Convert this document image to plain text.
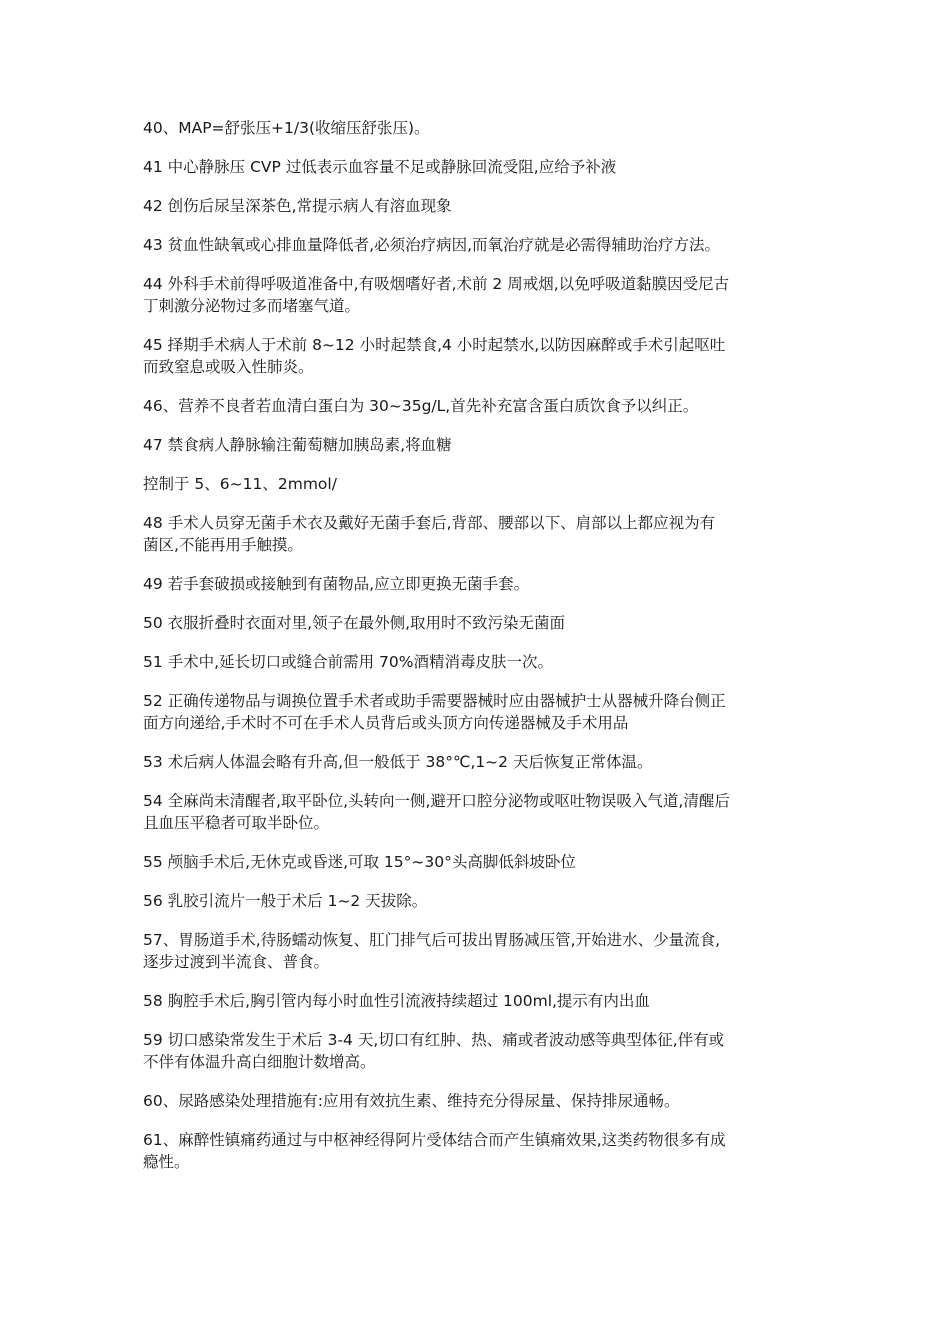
40、MAP=舒张压+1/3(收缩压舒张压)。

41 中心静脉压 CVP 过低表示血容量不足或静脉回流受阻,应给予补液

42 创伤后尿呈深茶色,常提示病人有溶血现象

43 贫血性缺氧或心排血量降低者,必须治疗病因,而氧治疗就是必需得辅助治疗方法。

44 外科手术前得呼吸道准备中,有吸烟嗜好者,术前 2 周戒烟,以免呼吸道黏膜因受尼古
丁刺激分泌物过多而堵塞气道。

45 择期手术病人于术前 8~12 小时起禁食,4 小时起禁水,以防因麻醉或手术引起呕吐
而致窒息或吸入性肺炎。

46、营养不良者若血清白蛋白为 30~35g/L,首先补充富含蛋白质饮食予以纠正。

47 禁食病人静脉输注葡萄糖加胰岛素,将血糖

控制于 5、6~11、2mmol/

48 手术人员穿无菌手术衣及戴好无菌手套后,背部、腰部以下、肩部以上都应视为有
菌区,不能再用手触摸。

49 若手套破损或接触到有菌物品,应立即更换无菌手套。

50 衣服折叠时衣面对里,领子在最外侧,取用时不致污染无菌面

51 手术中,延长切口或缝合前需用 70%酒精消毒皮肤一次。

52 正确传递物品与调换位置手术者或助手需要器械时应由器械护士从器械升降台侧正
面方向递给,手术时不可在手术人员背后或头顶方向传递器械及手术用品

53 术后病人体温会略有升高,但一般低于 38°℃,1~2 天后恢复正常体温。

54 全麻尚未清醒者,取平卧位,头转向一侧,避开口腔分泌物或呕吐物误吸入气道,清醒后
且血压平稳者可取半卧位。

55 颅脑手术后,无休克或昏迷,可取 15°~30°头高脚低斜坡卧位

56 乳胶引流片一般于术后 1~2 天拔除。

57、胃肠道手术,待肠蠕动恢复、肛门排气后可拔出胃肠减压管,开始进水、少量流食,
逐步过渡到半流食、普食。

58 胸腔手术后,胸引管内每小时血性引流液持续超过 100ml,提示有内出血

59 切口感染常发生于术后 3-4 天,切口有红肿、热、痛或者波动感等典型体征,伴有或
不伴有体温升高白细胞计数增高。

60、尿路感染处理措施有:应用有效抗生素、维持充分得尿量、保持排尿通畅。

61、麻醉性镇痛药通过与中枢神经得阿片受体结合而产生镇痛效果,这类药物很多有成
瘾性。
